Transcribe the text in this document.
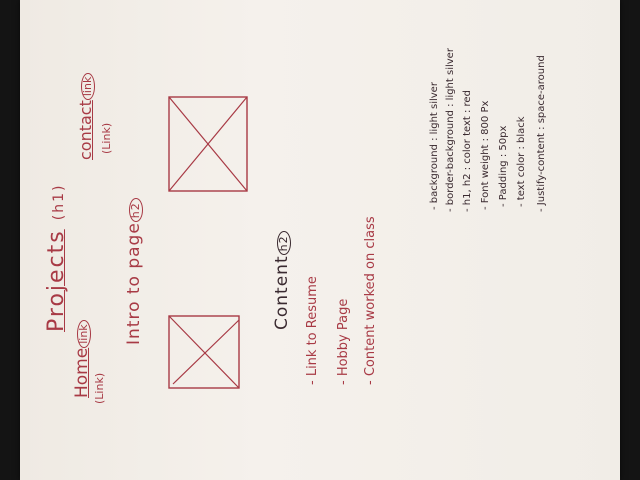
Homelink
(Link)
Projects (h1)
Intro to pageh2
Contenth2
- Link to Resume - Hobby Page - Content worked on class
contactlink
(Link)	- background : light silver - border-background : light silver - h1, h2 : color text : red - Font weight : 800 Px - Padding : 50px - text color : black - Justify-content : space-around
